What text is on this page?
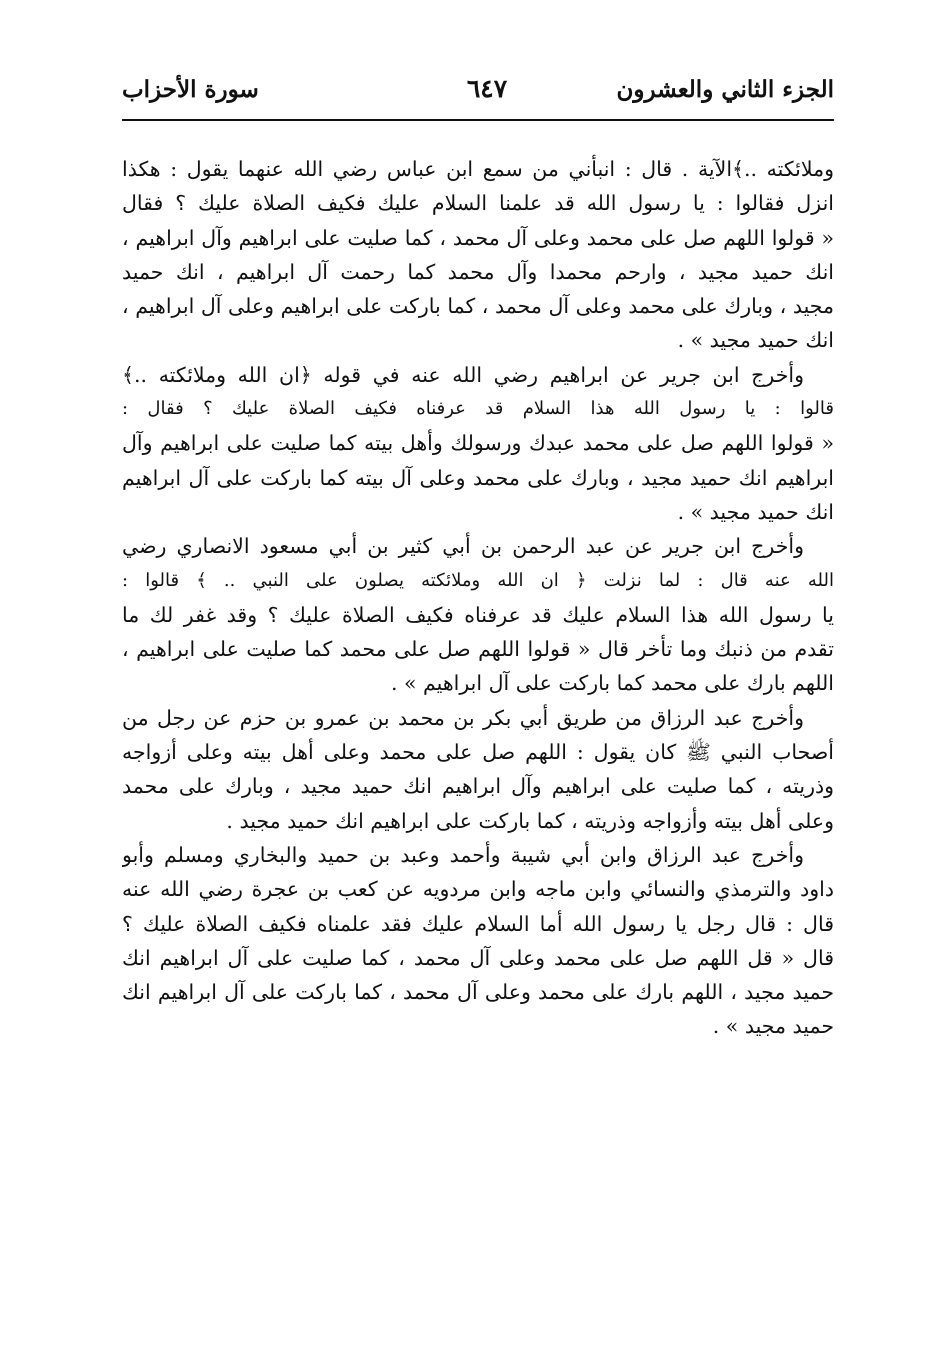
الجزء الثاني والعشرون
٦٤٧
سورة الأحزاب
وملائكته ..﴾الآية . قال : انبأني من سمع ابن عباس رضي الله عنهما يقول : هكذا
انزل فقالوا : يا رسول الله قد علمنا السلام عليك فكيف الصلاة عليك ؟ فقال
« قولوا اللهم صل على محمد وعلى آل محمد ، كما صليت على ابراهيم وآل ابراهيم ،
انك حميد مجيد ، وارحم محمدا وآل محمد كما رحمت آل ابراهيم ، انك حميد
مجيد ، وبارك على محمد وعلى آل محمد ، كما باركت على ابراهيم وعلى آل ابراهيم ،
انك حميد مجيد » .
وأخرج ابن جرير عن ابراهيم رضي الله عنه في قوله ﴿ان الله وملائكته ..﴾
قالوا : يا رسول الله هذا السلام قد عرفناه فكيف الصلاة عليك ؟ فقال :
« قولوا اللهم صل على محمد عبدك ورسولك وأهل بيته كما صليت على ابراهيم وآل
ابراهيم انك حميد مجيد ، وبارك على محمد وعلى آل بيته كما باركت على آل ابراهيم
انك حميد مجيد » .
وأخرج ابن جرير عن عبد الرحمن بن أبي كثير بن أبي مسعود الانصاري رضي
الله عنه قال : لما نزلت ﴿ ان الله وملائكته يصلون على النبي .. ﴾ قالوا :
يا رسول الله هذا السلام عليك قد عرفناه فكيف الصلاة عليك ؟ وقد غفر لك ما
تقدم من ذنبك وما تأخر قال « قولوا اللهم صل على محمد كما صليت على ابراهيم ،
اللهم بارك على محمد كما باركت على آل ابراهيم » .
وأخرج عبد الرزاق من طريق أبي بكر بن محمد بن عمرو بن حزم عن رجل من
أصحاب النبي ﷺ كان يقول : اللهم صل على محمد وعلى أهل بيته وعلى أزواجه
وذريته ، كما صليت على ابراهيم وآل ابراهيم انك حميد مجيد ، وبارك على محمد
وعلى أهل بيته وأزواجه وذريته ، كما باركت على ابراهيم انك حميد مجيد .
وأخرج عبد الرزاق وابن أبي شيبة وأحمد وعبد بن حميد والبخاري ومسلم وأبو
داود والترمذي والنسائي وابن ماجه وابن مردويه عن كعب بن عجرة رضي الله عنه
قال : قال رجل يا رسول الله أما السلام عليك فقد علمناه فكيف الصلاة عليك ؟
قال « قل اللهم صل على محمد وعلى آل محمد ، كما صليت على آل ابراهيم انك
حميد مجيد ، اللهم بارك على محمد وعلى آل محمد ، كما باركت على آل ابراهيم انك
حميد مجيد » .
